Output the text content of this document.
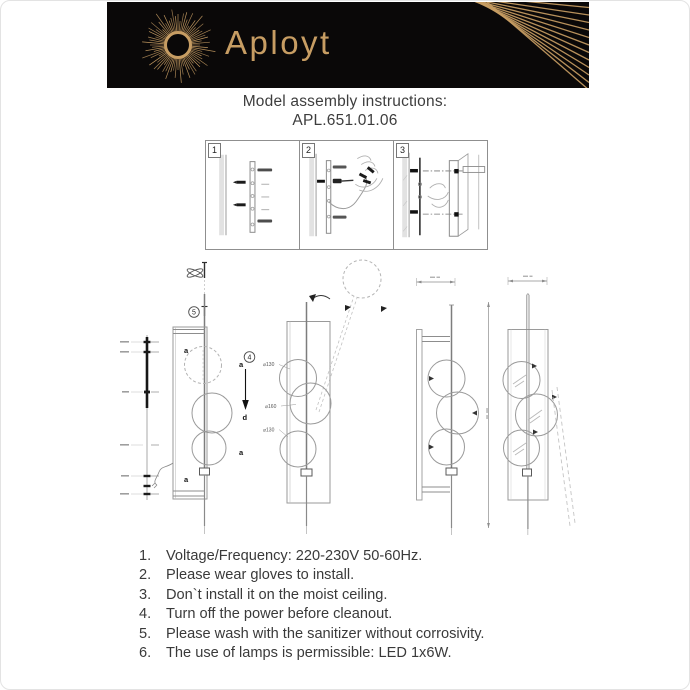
Aployt
Model assembly instructions:
APL.651.01.06
1	2	3
5
a
a
4
a
d
a
⌀130
⌀160
⌀130
1.	Voltage/Frequency: 220-230V 50-60Hz.
2.	Please wear gloves to install.
3.	Don`t install it on the moist ceiling.
4.	Turn off the power before cleanout.
5.	Please wash with the sanitizer without corrosivity.
6.	The use of lamps is permissible: LED 1x6W.
